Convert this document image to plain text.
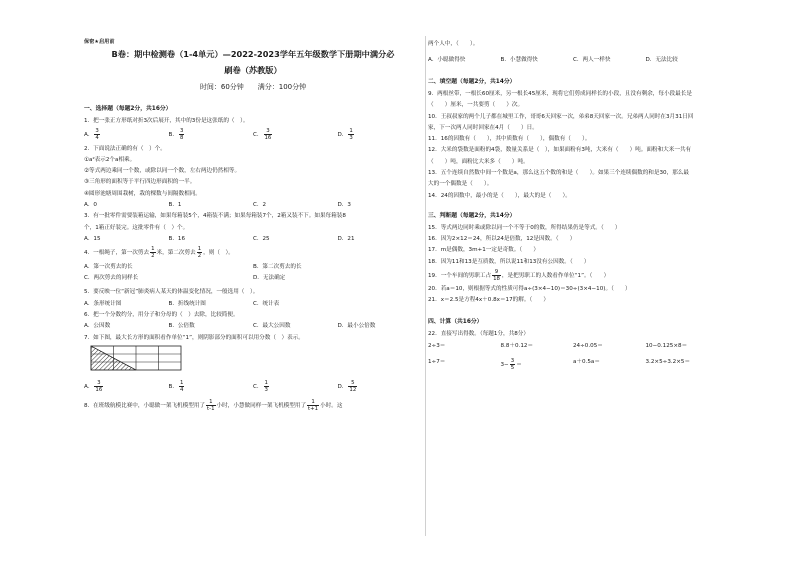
保密★启用前
B卷：期中检测卷（1-4单元）—2022-2023学年五年级数学下册期中满分必
刷卷（苏教版）
时间：60分钟　　满分：100分钟
一、选择题（每题2分，共16分）
1．把一张正方形纸对折3次后展开，其中的3份是这张纸的（　）。
A． $\frac{3}{4}$	B． $\frac{3}{8}$	C． $\frac{3}{16}$	D． $\frac{1}{3}$
2．下面说法正确的有（　）个。
①a²表示2个a相乘。
②等式两边乘同一个数，或除以同一个数，左右两边仍然相等。
③三角形的面积等于平行四边形面积的一半。
④圆形池塘周围栽树，栽的棵数与间隔数相同。
A．0	B．1	C．2	D．3
3．有一批零件需要装箱运输，如果每箱装5个，4箱装不满；如果每箱装7个，2箱又装不下。如果每箱装8
个，1箱正好装完。这批零件有（　）个。
A．15	B．16	C．25	D．21
4．一根绳子，第一次剪去 $\frac{1}{2}$ 米，第二次剪去 $\frac{1}{2}$ ，则（　）。
A．第一次剪去的长	B．第二次剪去的长
C．两次剪去的同样长	D．无法确定
5．要反映一位“新冠”肺炎病人某天的体温变化情况，一般选用（　）。
A．条形统计图	B．折线统计图	C．统计表
6．把一个分数约分，用分子和分母的（　）去除，比较简便。
A．公因数	B．公倍数	C．最大公因数	D．最小公倍数
7．如下图，最大长方形的面积看作单位“1”，则阴影部分的面积可以用分数（　）表示。
A． $\frac{3}{16}$	B． $\frac{1}{4}$	C． $\frac{1}{3}$	D． $\frac{5}{12}$
8．在班级航模比赛中，小聪做一架飞机模型用了 $\frac{1}{t-1}$ 小时，小慧做同样一架飞机模型用了 $\frac{1}{t+1}$ 小时。这
两个人中，（　　）。
A．小聪做得快	B．小慧做得快	C．两人一样快	D．无法比较
二、填空题（每题2分，共14分）
9．两根丝带，一根长60厘米，另一根长45厘米，现将它们剪成同样长的小段，且没有剩余，每小段最长是
（　　）厘米，一共要剪（　　）次。
10．王叔叔家的两个儿子都在城里工作，哥哥6天回家一次，弟弟8天回家一次。兄弟两人同时在3月31日回
家，下一次两人同时回家在4月（　　）日。
11．16的因数有（　　），其中质数有（　　），偶数有（　　）。
12．大米的袋数是面粉的4袋，数量关系是（　），如果面粉有3吨，大米有（　　）吨。面粉和大米一共有
（　　）吨，面粉比大米多（　　）吨。
13．五个连续自然数中间一个数是a，那么这五个数的和是（　　）。如果三个连续偶数的和是30，那么最
大的一个偶数是（　　）。
14．24的因数中，最小的是（　　），最大的是（　　）。
三、判断题（每题2分，共14分）
15．等式两边同时乘或除以同一个不等于0的数，所得结果仍是等式。（　　）
16．因为2×12＝24，所以24是倍数，12是因数。（　　）
17．m是偶数，3m+1一定是奇数。（　　）
18．因为11和13是互质数，所以说11和13没有公因数。（　　）
19．一个车间的男职工占 $\frac{9}{18}$ ，是把男职工的人数看作单位“1”。（　　）
20．若a＝10，则根据等式的性质可得a÷(3×4−10)＝30÷(3×4−10)。（　　）
21．x＝2.5是方程4x＋0.8x＝17的解。（　　）
四、计算（共16分）
22．直接写出得数。（每题1分，共8分）
2÷3＝	8.8＋0.12＝	24÷0.05＝	10−0.125×8＝
1÷7＝	$3- \frac{3}{5}$ ＝	a＋0.5a＝	3.2×5÷3.2×5＝
